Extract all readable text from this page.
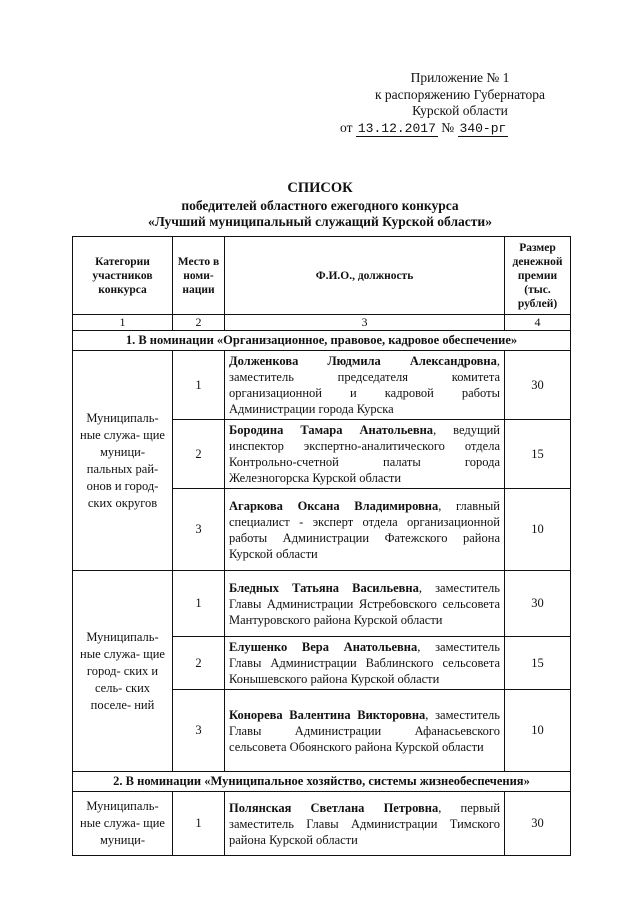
Приложение № 1
к распоряжению Губернатора
Курской области
от 13.12.2017 № 340-рг
СПИСОК
победителей областного ежегодного конкурса
«Лучший муниципальный служащий Курской области»
Категории участников конкурса	Место в номи- нации	Ф.И.О., должность	Размер денежной премии (тыс. рублей)
1	2	3	4
1. В номинации «Организационное, правовое, кадровое обеспечение»			
Муниципаль- ные служа- щие муници- пальных рай- онов и город- ских округов	1	Долженкова Людмила Александровна, заместитель председателя комитета организационной и кадровой работы Администрации города Курска	30
	2	Бородина Тамара Анатольевна, ведущий инспектор экспертно-аналитического отдела Контрольно-счетной палаты города Железногорска Курской области	15
	3	Агаркова Оксана Владимировна, главный специалист - эксперт отдела организационной работы Администрации Фатежского района Курской области	10
Муниципаль- ные служа- щие город- ских и сель- ских поселе- ний	1	Бледных Татьяна Васильевна, заместитель Главы Администрации Ястребовского сельсовета Мантуровского района Курской области	30
	2	Елушенко Вера Анатольевна, заместитель Главы Администрации Ваблинского сельсовета Конышевского района Курской области	15
	3	Конорева Валентина Викторовна, заместитель Главы Администрации Афанасьевского сельсовета Обоянского района Курской области	10
2. В номинации «Муниципальное хозяйство, системы жизнеобеспечения»			
Муниципаль- ные служа- щие муници-	1	Полянская Светлана Петровна, первый заместитель Главы Администрации Тимского района Курской области	30
